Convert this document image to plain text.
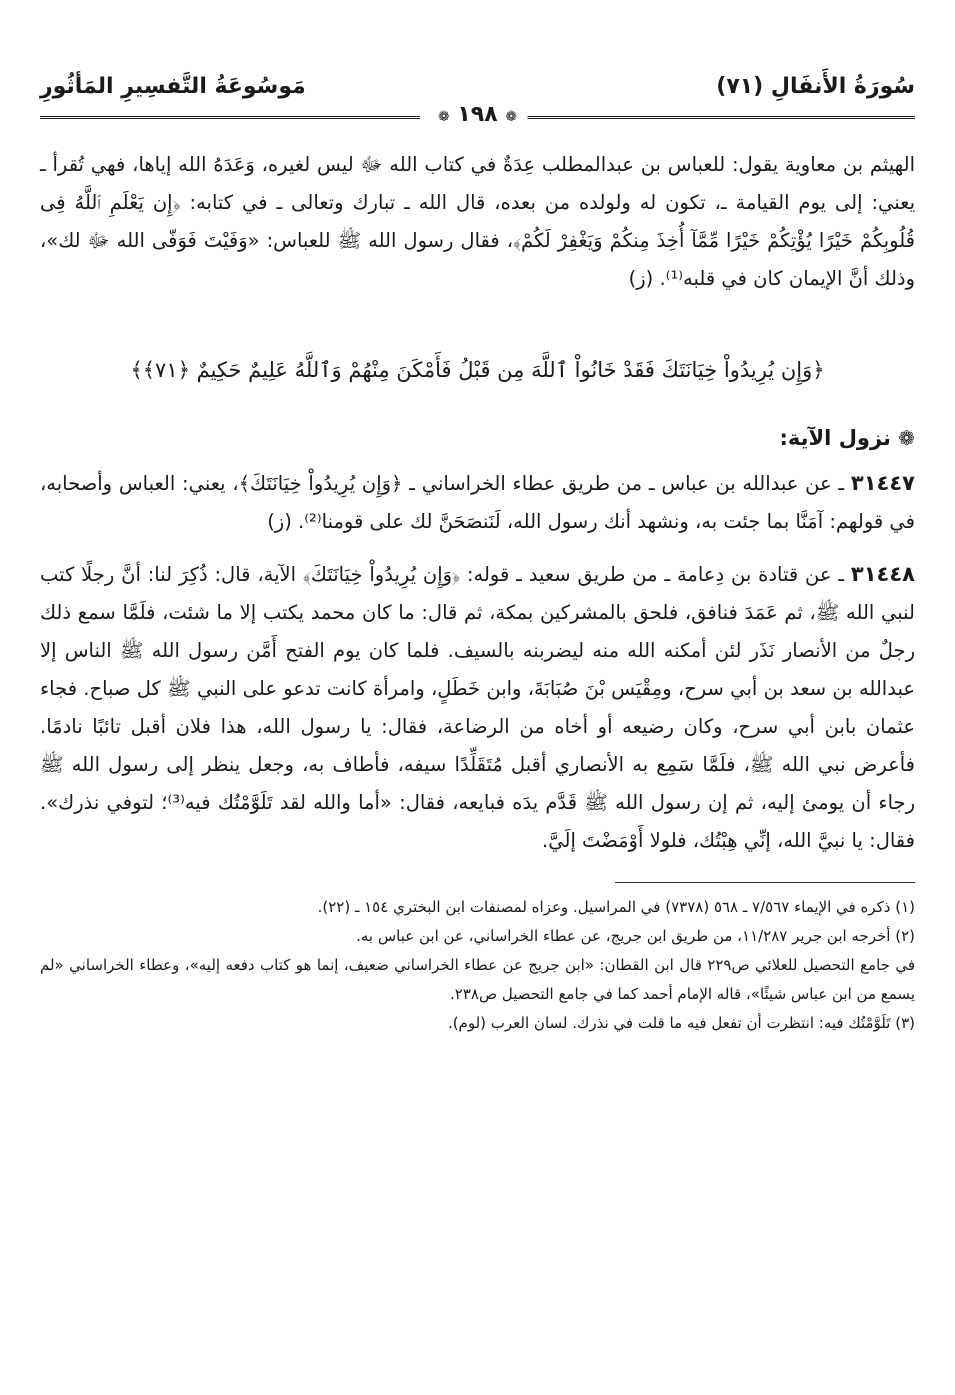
سُورَةُ الأَنفَالِ (٧١)
مَوسُوعَةُ التَّفسِيرِ المَأثُورِ
❁ ١٩٨ ❁

الهيثم بن معاوية يقول: للعباس بن عبدالمطلب عِدَةٌ في كتاب الله ﷻ ليس لغيره، وَعَدَهُ الله إياها، فهي تُقرأ ـ يعني: إلى يوم القيامة ـ، تكون له ولولده من بعده، قال الله ـ تبارك وتعالى ـ في كتابه: ﴿إِن يَعْلَمِ ٱللَّهُ فِى قُلُوبِكُمْ خَيْرًا يُؤْتِكُمْ خَيْرًا مِّمَّآ أُخِذَ مِنكُمْ وَيَغْفِرْ لَكُمْ﴾، فقال رسول الله ﷺ للعباس: «وَفَيْتَ فَوَفّى الله ﷻ لك»، وذلك أنَّ الإيمان كان في قلبه⁽¹⁾. (ز)

﴿وَإِن يُرِيدُواْ خِيَانَتَكَ فَقَدْ خَانُواْ ٱللَّهَ مِن قَبْلُ فَأَمْكَنَ مِنْهُمْ وَٱللَّهُ عَلِيمٌ حَكِيمٌ ﴿٧١﴾﴾
❁ نزول الآية:

٣١٤٤٧ ـ عن عبدالله بن عباس ـ من طريق عطاء الخراساني ـ ﴿وَإِن يُرِيدُواْ خِيَانَتَكَ﴾، يعني: العباس وأصحابه، في قولهم: آمَنَّا بما جئت به، ونشهد أنك رسول الله، لَنَنصَحَنَّ لك على قومنا⁽²⁾. (ز)

٣١٤٤٨ ـ عن قتادة بن دِعامة ـ من طريق سعيد ـ قوله: ﴿وَإِن يُرِيدُواْ خِيَانَتَكَ﴾ الآية، قال: ذُكِرَ لنا: أنَّ رجلًا كتب لنبي الله ﷺ، ثم عَمَدَ فنافق، فلحق بالمشركين بمكة، ثم قال: ما كان محمد يكتب إلا ما شئت، فلَمَّا سمع ذلك رجلٌ من الأنصار نَذَر لئن أمكنه الله منه ليضربنه بالسيف. فلما كان يوم الفتح أَمَّن رسول الله ﷺ الناس إلا عبدالله بن سعد بن أبي سرح، ومِقْيَس بْنَ صُبَابَةَ، وابن خَطَلٍ، وامرأة كانت تدعو على النبي ﷺ كل صباح. فجاء عثمان بابن أبي سرح، وكان رضيعه أو أخاه من الرضاعة، فقال: يا رسول الله، هذا فلان أقبل تائبًا نادمًا. فأعرض نبي الله ﷺ، فلَمَّا سَمِع به الأنصاري أقبل مُتَقَلِّدًا سيفه، فأطاف به، وجعل ينظر إلى رسول الله ﷺ رجاء أن يومئ إليه، ثم إن رسول الله ﷺ قَدَّم يدَه فبايعه، فقال: «أما والله لقد تَلَوَّمْتُك فيه⁽³⁾؛ لتوفي نذرك». فقال: يا نبيَّ الله، إنِّي هِبْتُك، فلولا أَوْمَضْتَ إلَيَّ.

(١) ذكره في الإيماء ٧/٥٦٧ ـ ٥٦٨ (٧٣٧٨) في المراسيل. وعزاه لمصنفات ابن البختري ١٥٤ ـ (٢٢).

(٢) أخرجه ابن جرير ١١/٢٨٧، من طريق ابن جريج، عن عطاء الخراساني، عن ابن عباس به.

في جامع التحصيل للعلائي ص٢٢٩ قال ابن القطان: «ابن جريج عن عطاء الخراساني ضعيف، إنما هو كتاب دفعه إليه»، وعطاء الخراساني «لم يسمع من ابن عباس شيئًا»، قاله الإمام أحمد كما في جامع التحصيل ص٢٣٨.

(٣) تَلَوَّمْتُك فيه: انتظرت أن تفعل فيه ما قلت في نذرك. لسان العرب (لوم).
